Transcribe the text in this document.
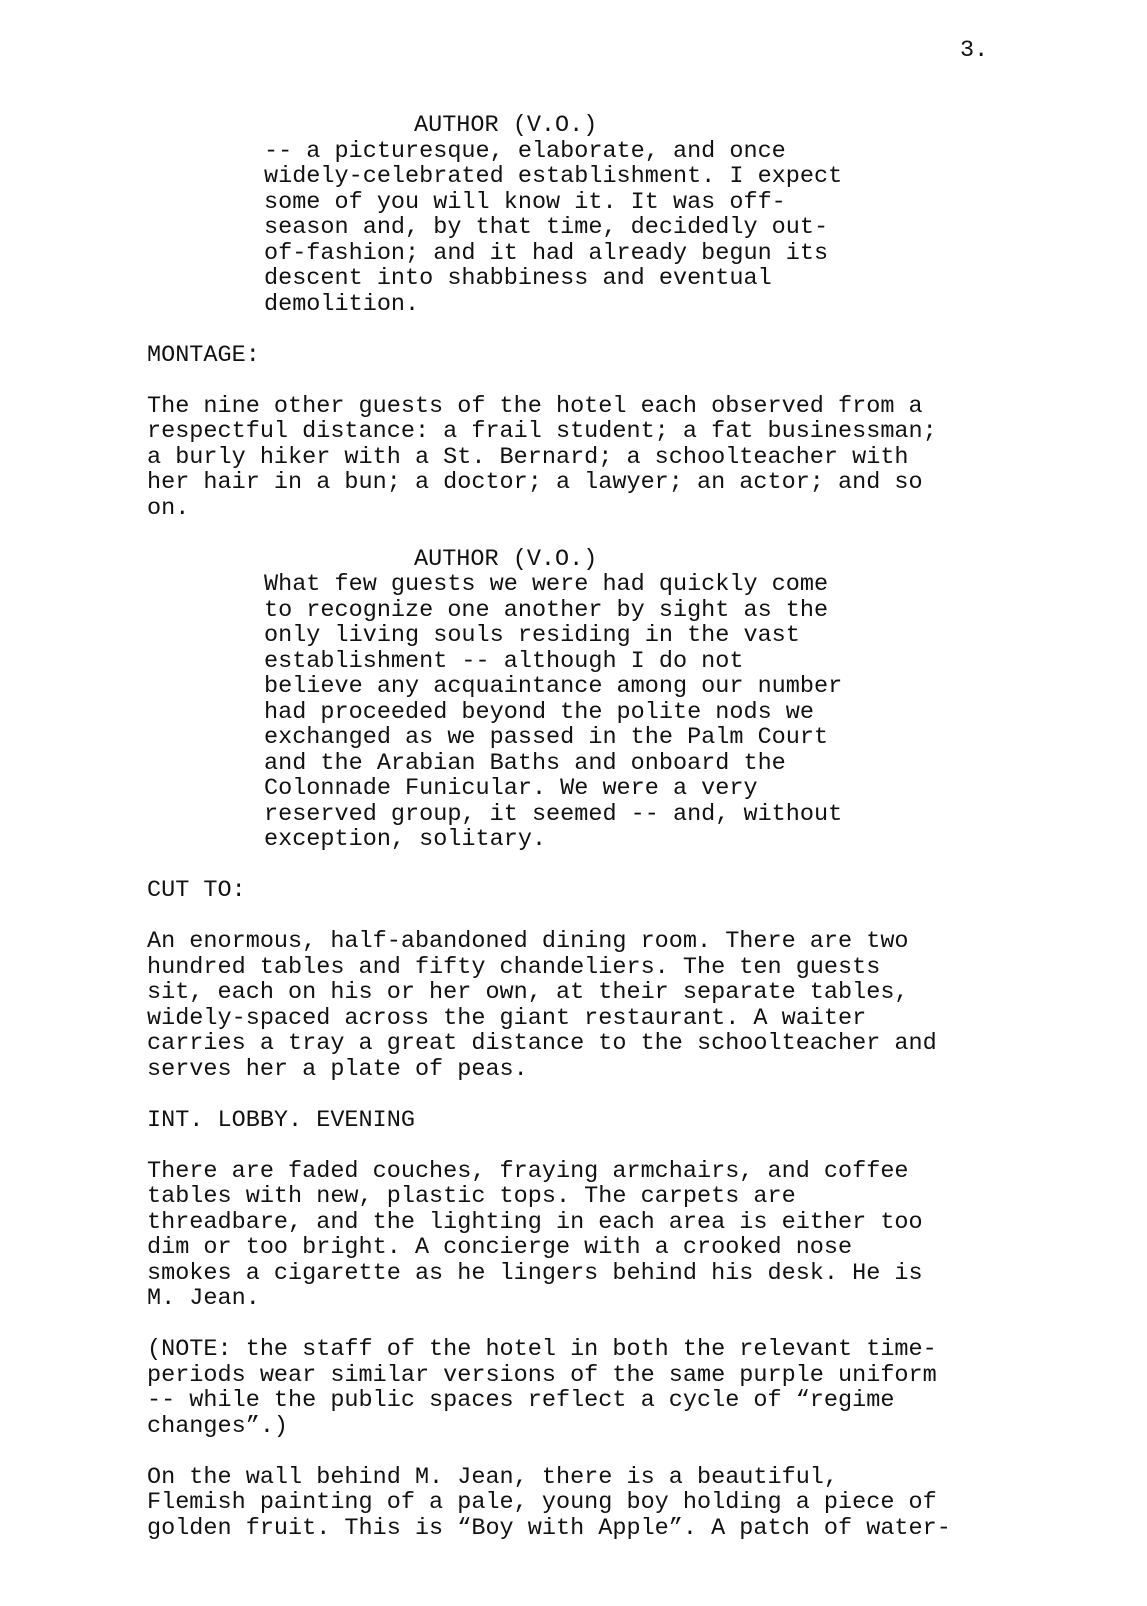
3.
AUTHOR (V.O.)
-- a picturesque, elaborate, and once
widely-celebrated establishment. I expect
some of you will know it. It was off-
season and, by that time, decidedly out-
of-fashion; and it had already begun its
descent into shabbiness and eventual
demolition.
MONTAGE:
The nine other guests of the hotel each observed from a
respectful distance: a frail student; a fat businessman;
a burly hiker with a St. Bernard; a schoolteacher with
her hair in a bun; a doctor; a lawyer; an actor; and so
on.
AUTHOR (V.O.)
What few guests we were had quickly come
to recognize one another by sight as the
only living souls residing in the vast
establishment -- although I do not
believe any acquaintance among our number
had proceeded beyond the polite nods we
exchanged as we passed in the Palm Court
and the Arabian Baths and onboard the
Colonnade Funicular. We were a very
reserved group, it seemed -- and, without
exception, solitary.
CUT TO:
An enormous, half-abandoned dining room. There are two
hundred tables and fifty chandeliers. The ten guests
sit, each on his or her own, at their separate tables,
widely-spaced across the giant restaurant. A waiter
carries a tray a great distance to the schoolteacher and
serves her a plate of peas.
INT. LOBBY. EVENING
There are faded couches, fraying armchairs, and coffee
tables with new, plastic tops. The carpets are
threadbare, and the lighting in each area is either too
dim or too bright. A concierge with a crooked nose
smokes a cigarette as he lingers behind his desk. He is
M. Jean.
(NOTE: the staff of the hotel in both the relevant time-
periods wear similar versions of the same purple uniform
-- while the public spaces reflect a cycle of “regime
changes”.)
On the wall behind M. Jean, there is a beautiful,
Flemish painting of a pale, young boy holding a piece of
golden fruit. This is “Boy with Apple”. A patch of water-
